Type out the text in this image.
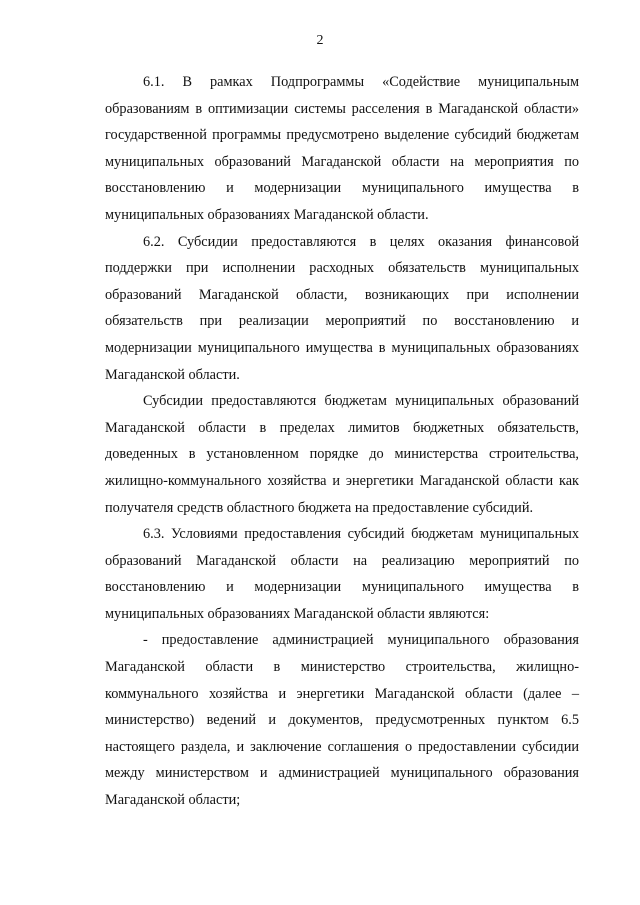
2

6.1. В рамках Подпрограммы «Содействие муниципальным образованиям в оптимизации системы расселения в Магаданской области» государственной программы предусмотрено выделение субсидий бюджетам муниципальных образований Магаданской области на мероприятия по восстановлению и модернизации муниципального имущества в муниципальных образованиях Магаданской области.

6.2. Субсидии предоставляются в целях оказания финансовой поддержки при исполнении расходных обязательств муниципальных образований Магаданской области, возникающих при исполнении обязательств при реализации мероприятий по восстановлению и модернизации муниципального имущества в муниципальных образованиях Магаданской области.

Субсидии предоставляются бюджетам муниципальных образований Магаданской области в пределах лимитов бюджетных обязательств, доведенных в установленном порядке до министерства строительства, жилищно-коммунального хозяйства и энергетики Магаданской области как получателя средств областного бюджета на предоставление субсидий.

6.3. Условиями предоставления субсидий бюджетам муниципальных образований Магаданской области на реализацию мероприятий по восстановлению и модернизации муниципального имущества в муниципальных образованиях Магаданской области являются:

- предоставление администрацией муниципального образования Магаданской области в министерство строительства, жилищно-коммунального хозяйства и энергетики Магаданской области (далее – министерство) ведений и документов, предусмотренных пунктом 6.5 настоящего раздела, и заключение соглашения о предоставлении субсидии между министерством и администрацией муниципального образования Магаданской области;
